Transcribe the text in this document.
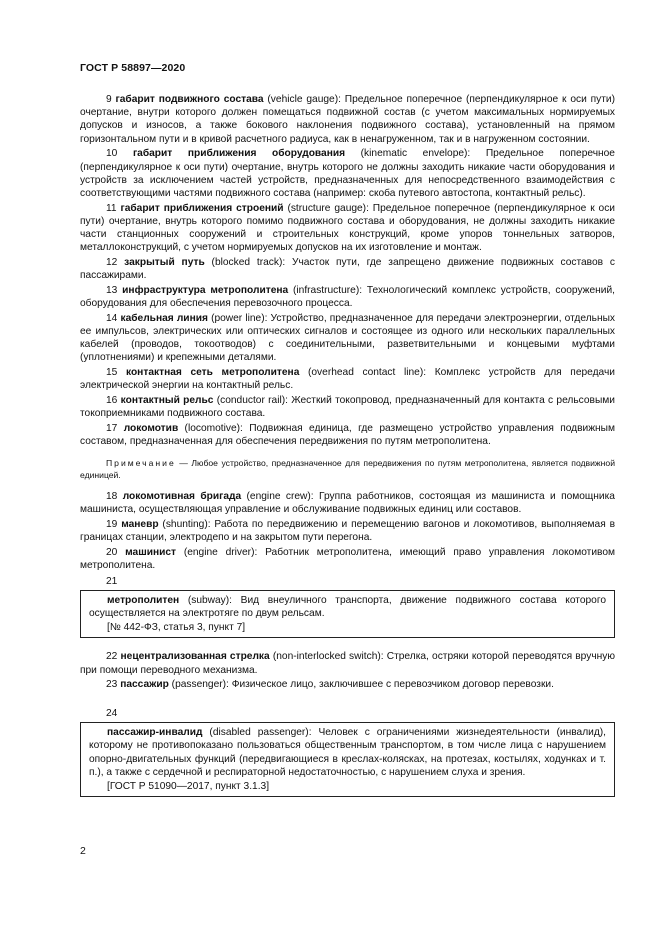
ГОСТ Р 58897—2020

9 габарит подвижного состава (vehicle gauge): Предельное поперечное (перпендикулярное к оси пути) очертание, внутри которого должен помещаться подвижной состав (с учетом максимальных нормируемых допусков и износов, а также бокового наклонения подвижного состава), установленный на прямом горизонтальном пути и в кривой расчетного радиуса, как в ненагруженном, так и в нагруженном состоянии.

10 габарит приближения оборудования (kinematic envelope): Предельное поперечное (перпендикулярное к оси пути) очертание, внутрь которого не должны заходить никакие части оборудования и устройств за исключением частей устройств, предназначенных для непосредственного взаимодействия с соответствующими частями подвижного состава (например: скоба путевого автостопа, контактный рельс).

11 габарит приближения строений (structure gauge): Предельное поперечное (перпендикулярное к оси пути) очертание, внутрь которого помимо подвижного состава и оборудования, не должны заходить никакие части станционных сооружений и строительных конструкций, кроме упоров тоннельных затворов, металлоконструкций, с учетом нормируемых допусков на их изготовление и монтаж.

12 закрытый путь (blocked track): Участок пути, где запрещено движение подвижных составов с пассажирами.

13 инфраструктура метрополитена (infrastructure): Технологический комплекс устройств, сооружений, оборудования для обеспечения перевозочного процесса.

14 кабельная линия (power line): Устройство, предназначенное для передачи электроэнергии, отдельных ее импульсов, электрических или оптических сигналов и состоящее из одного или нескольких параллельных кабелей (проводов, токоотводов) с соединительными, разветвительными и концевыми муфтами (уплотнениями) и крепежными деталями.

15 контактная сеть метрополитена (overhead contact line): Комплекс устройств для передачи электрической энергии на контактный рельс.

16 контактный рельс (conductor rail): Жесткий токопровод, предназначенный для контакта с рельсовыми токоприемниками подвижного состава.

17 локомотив (locomotive): Подвижная единица, где размещено устройство управления подвижным составом, предназначенная для обеспечения передвижения по путям метрополитена.

Примечание — Любое устройство, предназначенное для передвижения по путям метрополитена, является подвижной единицей.

18 локомотивная бригада (engine crew): Группа работников, состоящая из машиниста и помощника машиниста, осуществляющая управление и обслуживание подвижных единиц или составов.

19 маневр (shunting): Работа по передвижению и перемещению вагонов и локомотивов, выполняемая в границах станции, электродепо и на закрытом пути перегона.

20 машинист (engine driver): Работник метрополитена, имеющий право управления локомотивом метрополитена.

21

метрополитен (subway): Вид внеуличного транспорта, движение подвижного состава которого осуществляется на электротяге по двум рельсам.

[№ 442-ФЗ, статья 3, пункт 7]

22 нецентрализованная стрелка (non-interlocked switch): Стрелка, остряки которой переводятся вручную при помощи переводного механизма.

23 пассажир (passenger): Физическое лицо, заключившее с перевозчиком договор перевозки.

24

пассажир-инвалид (disabled passenger): Человек с ограничениями жизнедеятельности (инвалид), которому не противопоказано пользоваться общественным транспортом, в том числе лица с нарушением опорно-двигательных функций (передвигающиеся в креслах-колясках, на протезах, костылях, ходунках и т. п.), а также с сердечной и респираторной недостаточностью, с нарушением слуха и зрения.

[ГОСТ Р 51090—2017, пункт 3.1.3]

2
